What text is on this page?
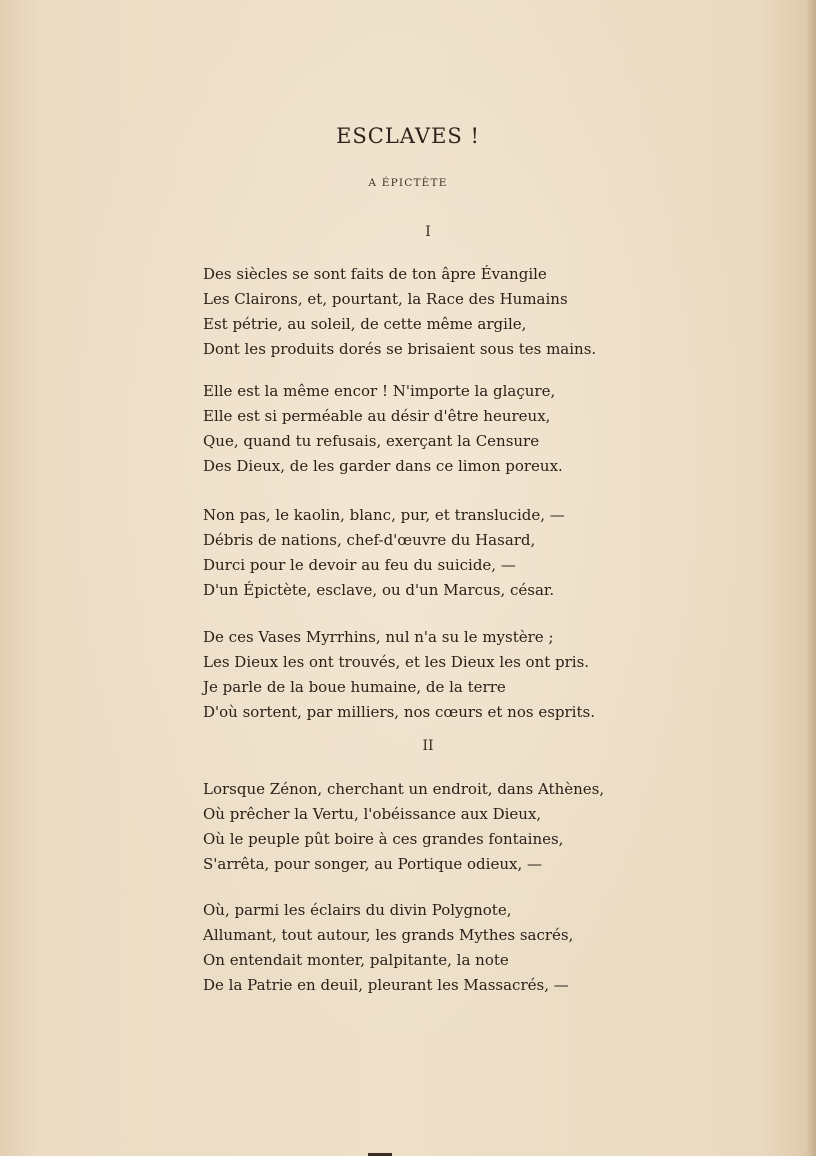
ESCLAVES !
A ÉPICTÈTE
I
Des siècles se sont faits de ton âpre Évangile
Les Clairons, et, pourtant, la Race des Humains
Est pétrie, au soleil, de cette même argile,
Dont les produits dorés se brisaient sous tes mains.
Elle est la même encor ! N'importe la glaçure,
Elle est si perméable au désir d'être heureux,
Que, quand tu refusais, exerçant la Censure
Des Dieux, de les garder dans ce limon poreux.
Non pas, le kaolin, blanc, pur, et translucide, —
Débris de nations, chef-d'œuvre du Hasard,
Durci pour le devoir au feu du suicide, —
D'un Épictète, esclave, ou d'un Marcus, césar.
De ces Vases Myrrhins, nul n'a su le mystère ;
Les Dieux les ont trouvés, et les Dieux les ont pris.
Je parle de la boue humaine, de la terre
D'où sortent, par milliers, nos cœurs et nos esprits.
II
Lorsque Zénon, cherchant un endroit, dans Athènes,
Où prêcher la Vertu, l'obéissance aux Dieux,
Où le peuple pût boire à ces grandes fontaines,
S'arrêta, pour songer, au Portique odieux, —
Où, parmi les éclairs du divin Polygnote,
Allumant, tout autour, les grands Mythes sacrés,
On entendait monter, palpitante, la note
De la Patrie en deuil, pleurant les Massacrés, —
